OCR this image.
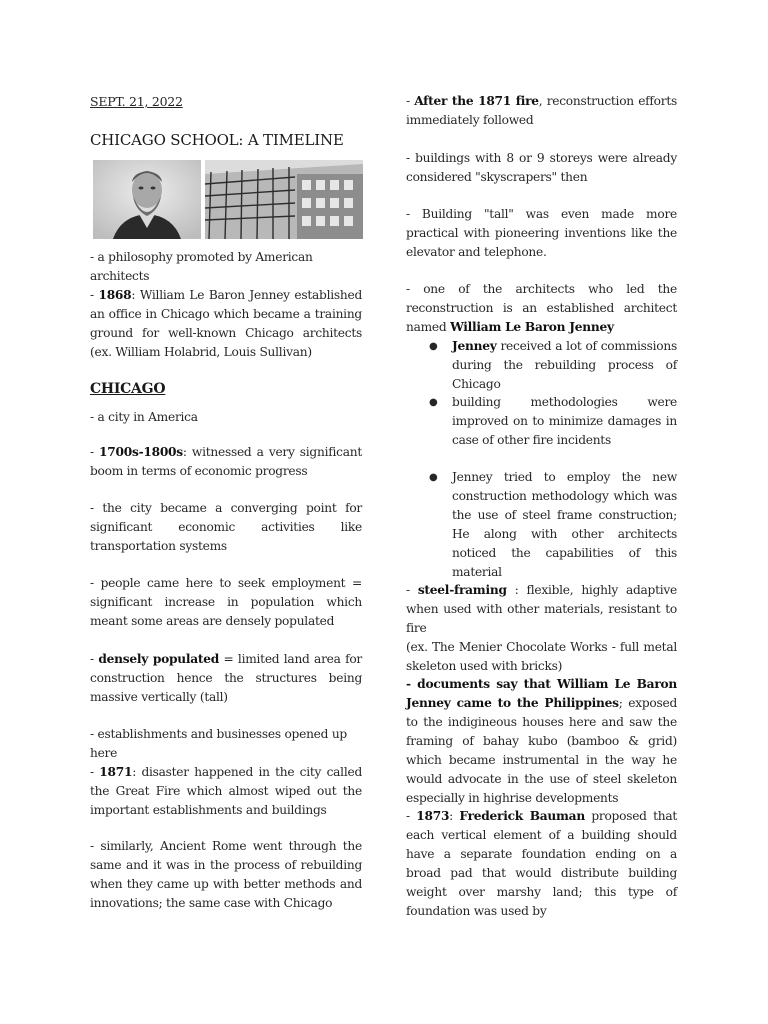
SEPT. 21, 2022
CHICAGO SCHOOL: A TIMELINE

- a philosophy promoted by American architects

- 1868: William Le Baron Jenney established an office in Chicago which became a training ground for well-known Chicago architects (ex. William Holabrid, Louis Sullivan)

CHICAGO

- a city in America

- 1700s-1800s: witnessed a very significant boom in terms of economic progress

- the city became a converging point for significant economic activities like transportation systems

- people came here to seek employment = significant increase in population which meant some areas are densely populated

- densely populated = limited land area for construction hence the structures being massive vertically (tall)

- establishments and businesses opened up here

- 1871: disaster happened in the city called the Great Fire which almost wiped out the important establishments and buildings

- similarly, Ancient Rome went through the same and it was in the process of rebuilding when they came up with better methods and innovations; the same case with Chicago

- After the 1871 fire, reconstruction efforts immediately followed

- buildings with 8 or 9 storeys were already considered "skyscrapers" then

- Building "tall" was even made more practical with pioneering inventions like the elevator and telephone.

- one of the architects who led the reconstruction is an established architect named William Le Baron Jenney

● Jenney received a lot of commissions during the rebuilding process of Chicago
● building methodologies were improved on to minimize damages in case of other fire incidents
● Jenney tried to employ the new construction methodology which was the use of steel frame construction; He along with other architects noticed the capabilities of this material

- steel-framing : flexible, highly adaptive when used with other materials, resistant to fire
(ex. The Menier Chocolate Works - full metal skeleton used with bricks)

- documents say that William Le Baron Jenney came to the Philippines; exposed to the indigineous houses here and saw the framing of bahay kubo (bamboo & grid) which became instrumental in the way he would advocate in the use of steel skeleton especially in highrise developments

- 1873: Frederick Bauman proposed that each vertical element of a building should have a separate foundation ending on a broad pad that would distribute building weight over marshy land; this type of foundation was used by
